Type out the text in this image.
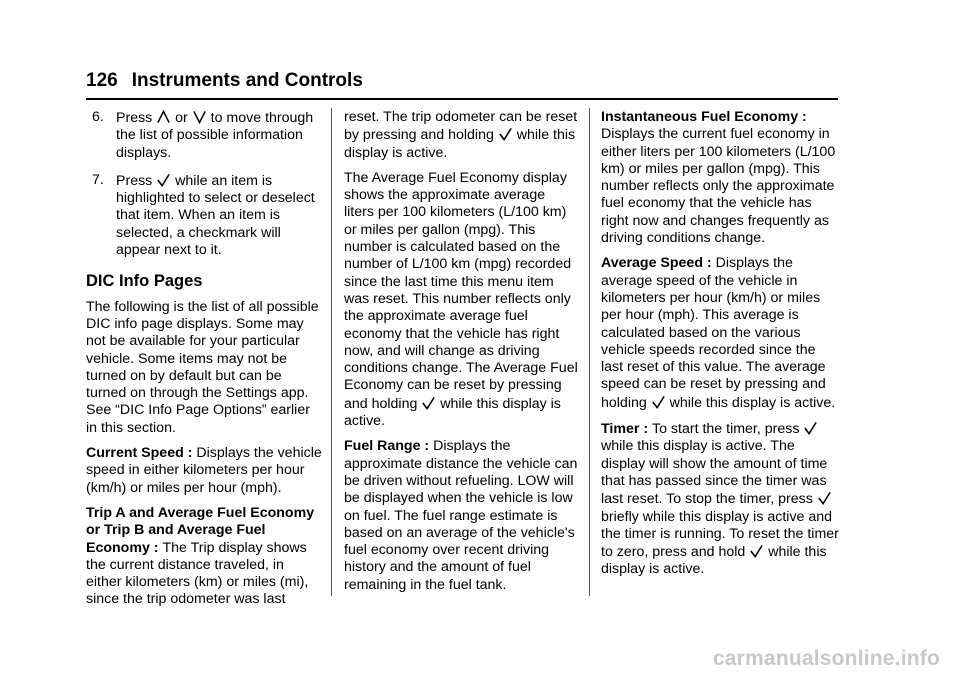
126 Instruments and Controls
6. Press
or
to move through the list of possible information displays.
7. Press
while an item is highlighted to select or deselect that item. When an item is selected, a checkmark will appear next to it.
DIC Info Pages

The following is the list of all possible DIC info page displays. Some may not be available for your particular vehicle. Some items may not be turned on by default but can be turned on through the Settings app. See “DIC Info Page Options” earlier in this section.

Current Speed : Displays the vehicle speed in either kilometers per hour (km/h) or miles per hour (mph).

Trip A and Average Fuel Economy or Trip B and Average Fuel Economy : The Trip display shows the current distance traveled, in either kilometers (km) or miles (mi), since the trip odometer was last

reset. The trip odometer can be reset by pressing and holding
while this display is active.

The Average Fuel Economy display shows the approximate average liters per 100 kilometers (L/100 km) or miles per gallon (mpg). This number is calculated based on the number of L/100 km (mpg) recorded since the last time this menu item was reset. This number reflects only the approximate average fuel economy that the vehicle has right now, and will change as driving conditions change. The Average Fuel Economy can be reset by pressing and holding
while this display is active.

Fuel Range : Displays the approximate distance the vehicle can be driven without refueling. LOW will be displayed when the vehicle is low on fuel. The fuel range estimate is based on an average of the vehicle's fuel economy over recent driving history and the amount of fuel remaining in the fuel tank.

Instantaneous Fuel Economy : Displays the current fuel economy in either liters per 100 kilometers (L/100 km) or miles per gallon (mpg). This number reflects only the approximate fuel economy that the vehicle has right now and changes frequently as driving conditions change.

Average Speed : Displays the average speed of the vehicle in kilometers per hour (km/h) or miles per hour (mph). This average is calculated based on the various vehicle speeds recorded since the last reset of this value. The average speed can be reset by pressing and holding
while this display is active.

Timer : To start the timer, press
while this display is active. The display will show the amount of time that has passed since the timer was last reset. To stop the timer, press
briefly while this display is active and the timer is running. To reset the timer to zero, press and hold
while this display is active.

carmanualsonline.info
